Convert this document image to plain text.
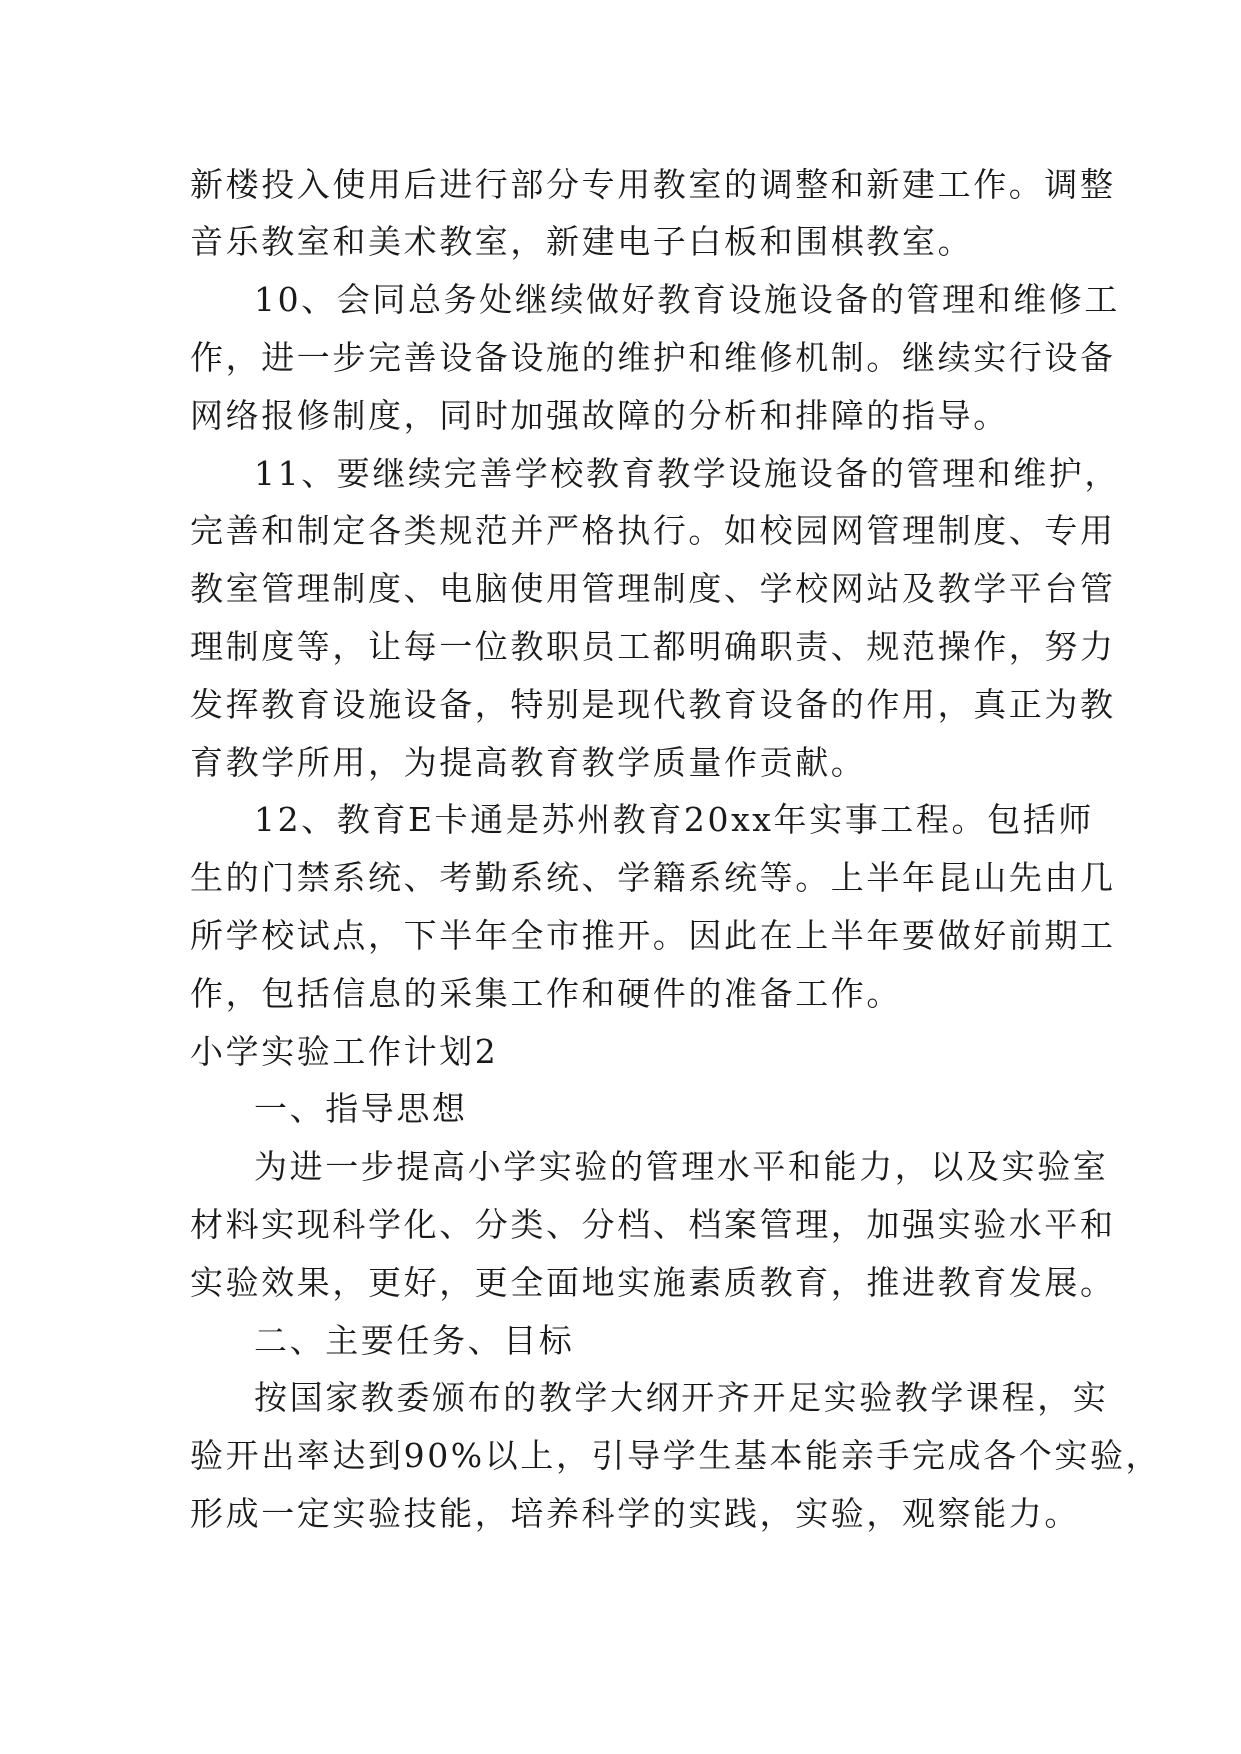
新楼投入使用后进行部分专用教室的调整和新建工作。调整
音乐教室和美术教室，新建电子白板和围棋教室。
10、会同总务处继续做好教育设施设备的管理和维修工
作，进一步完善设备设施的维护和维修机制。继续实行设备
网络报修制度，同时加强故障的分析和排障的指导。
11、要继续完善学校教育教学设施设备的管理和维护，
完善和制定各类规范并严格执行。如校园网管理制度、专用
教室管理制度、电脑使用管理制度、学校网站及教学平台管
理制度等，让每一位教职员工都明确职责、规范操作，努力
发挥教育设施设备，特别是现代教育设备的作用，真正为教
育教学所用，为提高教育教学质量作贡献。
12、教育E卡通是苏州教育20xx年实事工程。包括师
生的门禁系统、考勤系统、学籍系统等。上半年昆山先由几
所学校试点，下半年全市推开。因此在上半年要做好前期工
作，包括信息的采集工作和硬件的准备工作。
小学实验工作计划2
一、指导思想
为进一步提高小学实验的管理水平和能力，以及实验室
材料实现科学化、分类、分档、档案管理，加强实验水平和
实验效果，更好，更全面地实施素质教育，推进教育发展。
二、主要任务、目标
按国家教委颁布的教学大纲开齐开足实验教学课程，实
验开出率达到90%以上，引导学生基本能亲手完成各个实验，
形成一定实验技能，培养科学的实践，实验，观察能力。
